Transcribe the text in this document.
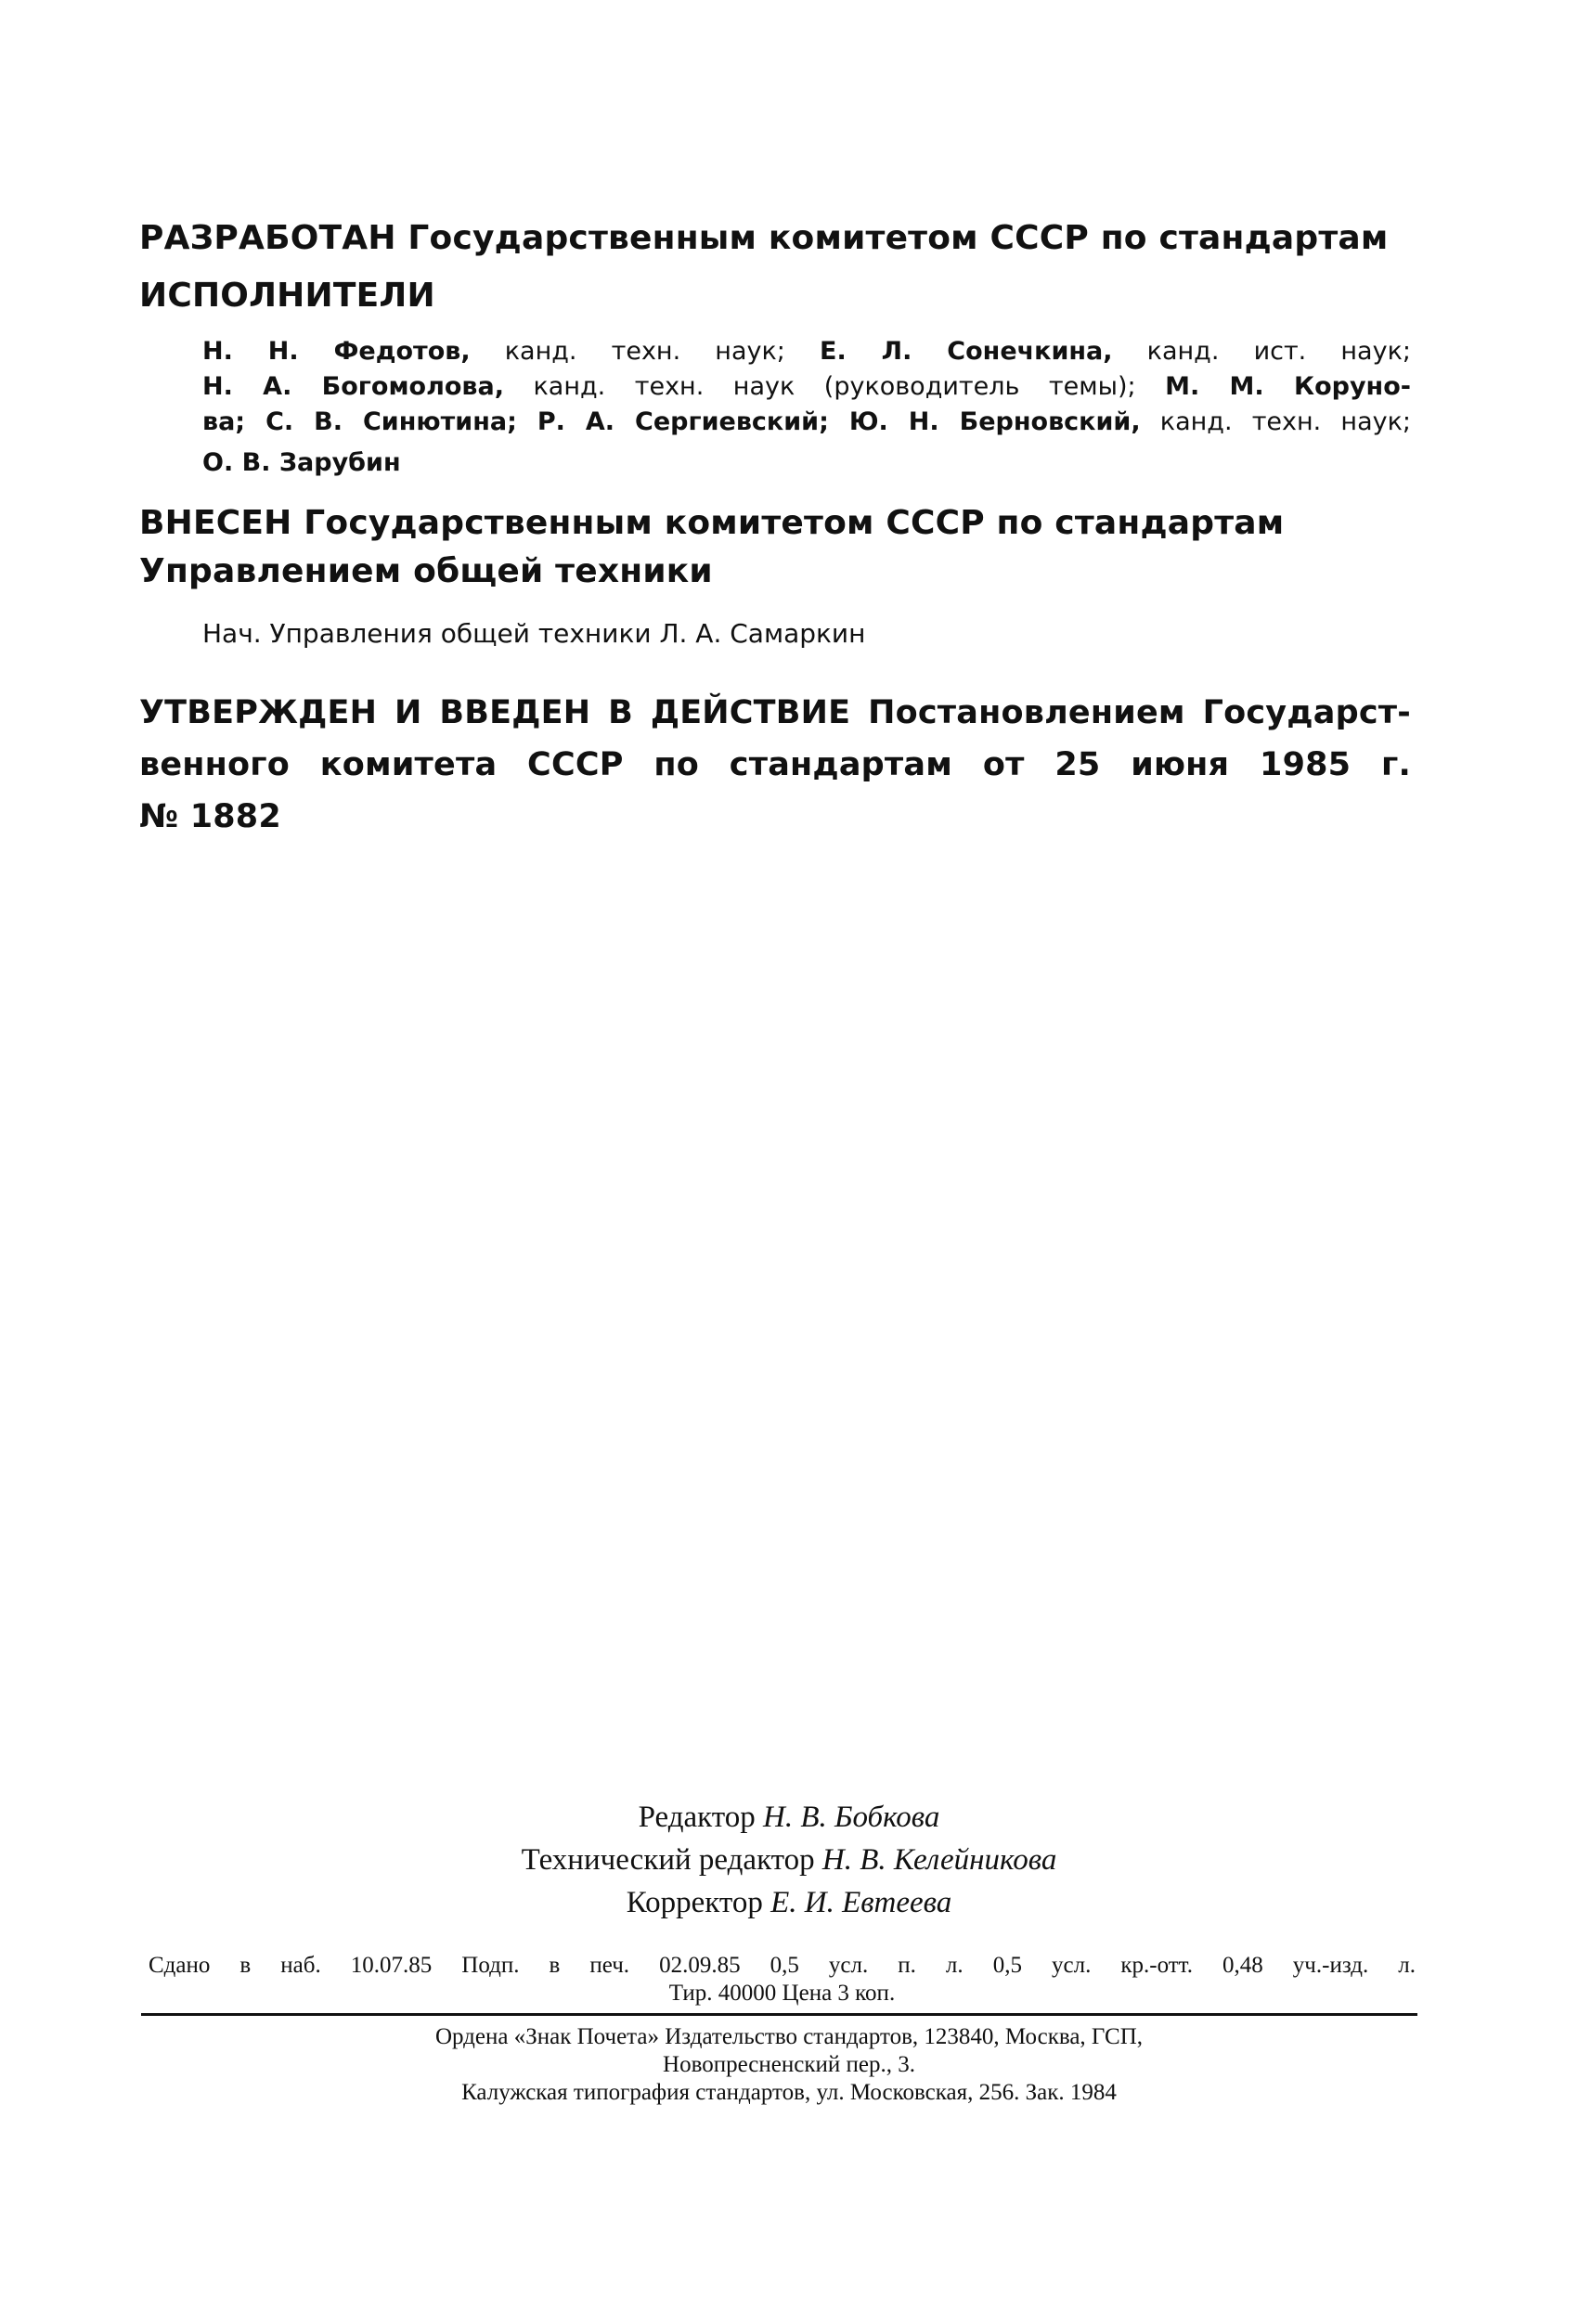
РАЗРАБОТАН Государственным комитетом СССР по стандартам

ИСПОЛНИТЕЛИ

Н. Н. Федотов, канд. техн. наук; Е. Л. Сонечкина, канд. ист. наук;
Н. А. Богомолова, канд. техн. наук (руководитель темы); М. М. Коруно-
ва; С. В. Синютина; Р. А. Сергиевский; Ю. Н. Берновский, канд. техн. наук;
О. В. Зарубин
ВНЕСЕН Государственным комитетом СССР по стандартам
Управлением общей техники
Нач. Управления общей техники Л. А. Самаркин
УТВЕРЖДЕН И ВВЕДЕН В ДЕЙСТВИЕ Постановлением Государст-
венного комитета СССР по стандартам от 25 июня 1985 г.
№ 1882
Редактор Н. В. Бобкова
Технический редактор Н. В. Келейникова
Корректор Е. И. Евтеева
Сдано в наб. 10.07.85 Подп. в печ. 02.09.85 0,5 усл. п. л. 0,5 усл. кр.-отт. 0,48 уч.-изд. л.
Тир. 40000 Цена 3 коп.
Ордена «Знак Почета» Издательство стандартов, 123840, Москва, ГСП,
Новопресненский пер., 3.
Калужская типография стандартов, ул. Московская, 256. Зак. 1984
